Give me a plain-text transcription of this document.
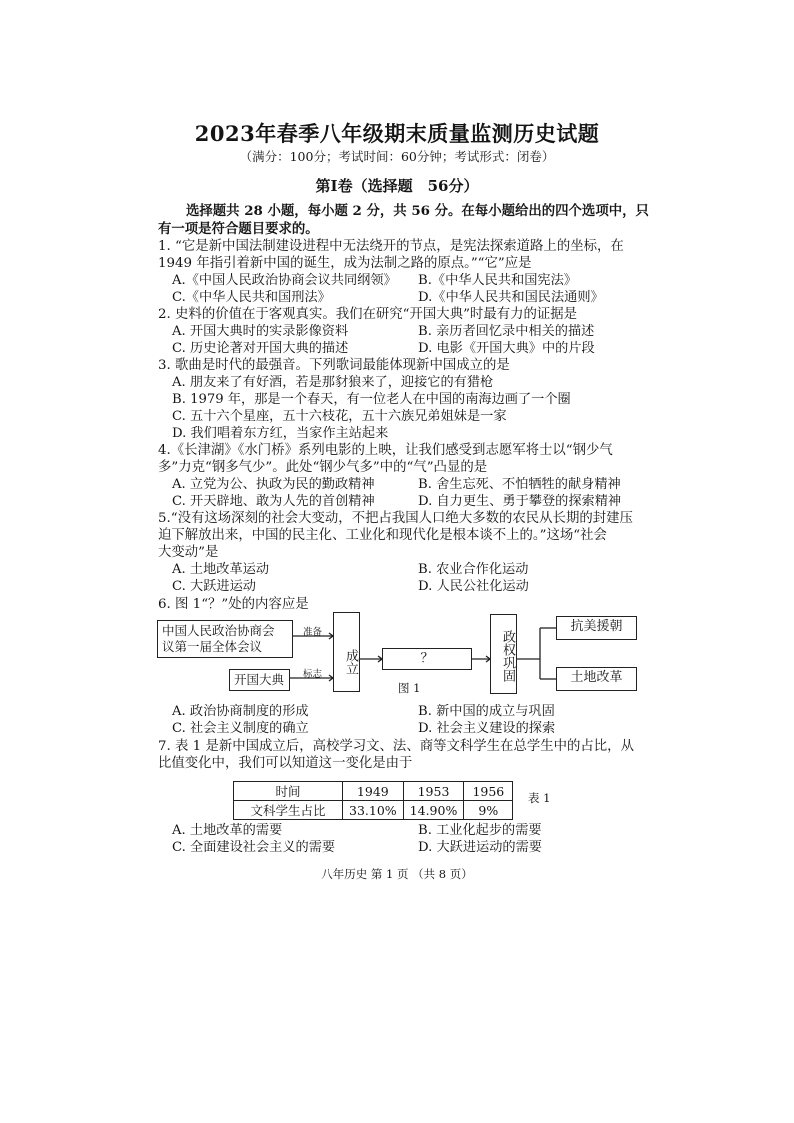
2023年春季八年级期末质量监测历史试题
（满分：100分；考试时间：60分钟；考试形式：闭卷）
第Ⅰ卷（选择题　56分）
选择题共 28 小题，每小题 2 分，共 56 分。在每小题给出的四个选项中，只
有一项是符合题目要求的。
1. “它是新中国法制建设进程中无法绕开的节点，是宪法探索道路上的坐标，在
1949 年指引着新中国的诞生，成为法制之路的原点。”“它”应是
A.《中国人民政治协商会议共同纲领》 B.《中华人民共和国宪法》
C.《中华人民共和国刑法》	D.《中华人民共和国民法通则》
2. 史料的价值在于客观真实。我们在研究“开国大典”时最有力的证据是
A. 开国大典时的实录影像资料	B. 亲历者回忆录中相关的描述
C. 历史论著对开国大典的描述	D. 电影《开国大典》中的片段
3. 歌曲是时代的最强音。下列歌词最能体现新中国成立的是
A. 朋友来了有好酒，若是那豺狼来了，迎接它的有猎枪
B. 1979 年，那是一个春天，有一位老人在中国的南海边画了一个圈
C. 五十六个星座，五十六枝花，五十六族兄弟姐妹是一家
D. 我们唱着东方红，当家作主站起来
4.《长津湖》《水门桥》系列电影的上映，让我们感受到志愿军将士以“钢少气
多”力克“钢多气少”。此处“钢少气多”中的“气”凸显的是
A. 立党为公、执政为民的勤政精神	B. 舍生忘死、不怕牺牲的献身精神
C. 开天辟地、敢为人先的首创精神	D. 自力更生、勇于攀登的探索精神
5.“没有这场深刻的社会大变动，不把占我国人口绝大多数的农民从长期的封建压
迫下解放出来，中国的民主化、工业化和现代化是根本谈不上的。”这场“社会
大变动”是
A. 土地改革运动	B. 农业合作化运动
C. 大跃进运动	D. 人民公社化运动
6. 图 1“？”处的内容应是
中国人民政治协商会
议第一届全体会议
准备
标志
开国大典
成立	？	政权巩固
抗美援朝
土地改革
图 1
A. 政治协商制度的形成	B. 新中国的成立与巩固
C. 社会主义制度的确立	D. 社会主义建设的探索
7. 表 1 是新中国成立后，高校学习文、法、商等文科学生在总学生中的占比，从
比值变化中，我们可以知道这一变化是由于
时间	1949	1953	1956
文科学生占比	33.10%	14.90%	9%
表 1
A. 土地改革的需要	B. 工业化起步的需要
C. 全面建设社会主义的需要	D. 大跃进运动的需要
八年历史 第 1 页 （共 8 页）
